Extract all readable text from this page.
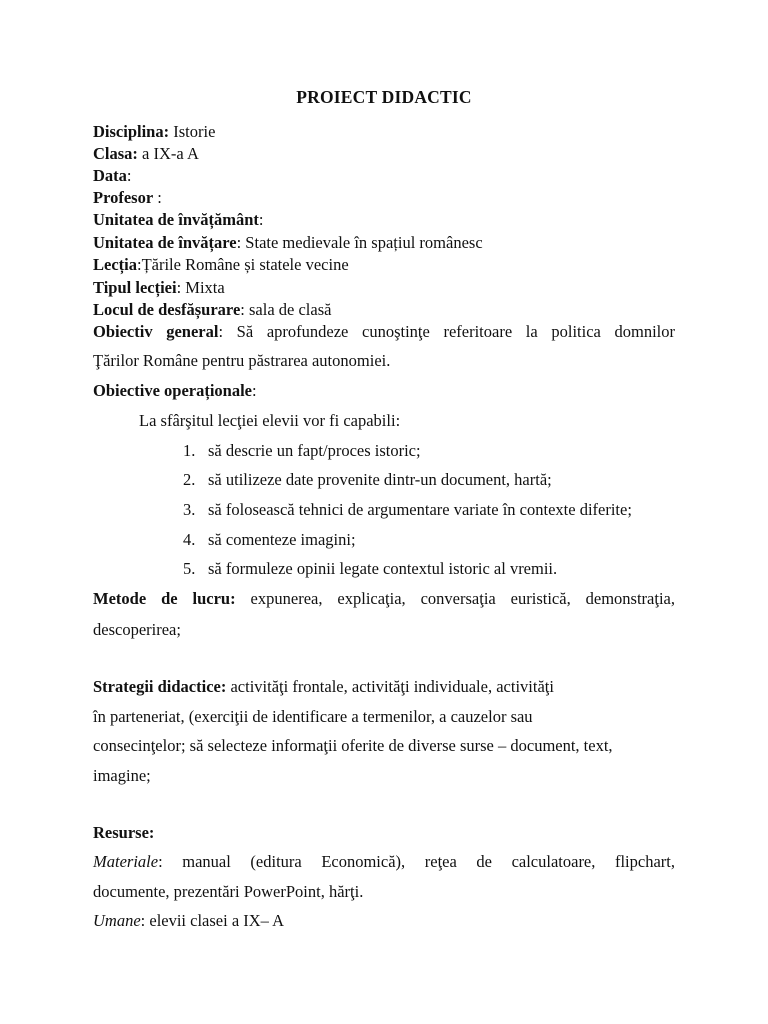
PROIECT DIDACTIC
Disciplina: Istorie
Clasa: a IX-a A
Data:
Profesor :
Unitatea de învățământ:
Unitatea de învățare: State medievale în spațiul românesc
Lecția:Țările Române și statele vecine
Tipul lecției: Mixta
Locul de desfășurare: sala de clasă
Obiectiv general: Să aprofundeze cunoştinţe referitoare la politica domnilor
Ţărilor Române pentru păstrarea autonomiei.
Obiective operaționale:
La sfârşitul lecţiei elevii vor fi capabili:
1. să descrie un fapt/proces istoric;
2. să utilizeze date provenite dintr-un document, hartă;
3. să folosească tehnici de argumentare variate în contexte diferite;
4. să comenteze imagini;
5. să formuleze opinii legate contextul istoric al vremii.
Metode de lucru: expunerea, explicaţia, conversaţia euristică, demonstraţia,
descoperirea;
Strategii didactice: activităţi frontale, activităţi individuale, activităţi
în parteneriat, (exerciţii de identificare a termenilor, a cauzelor sau
consecinţelor; să selecteze informaţii oferite de diverse surse – document, text,
imagine;
Resurse:
Materiale: manual (editura Economică), reţea de calculatoare, flipchart,
documente, prezentări PowerPoint, hărţi.
Umane: elevii clasei a IX– A
